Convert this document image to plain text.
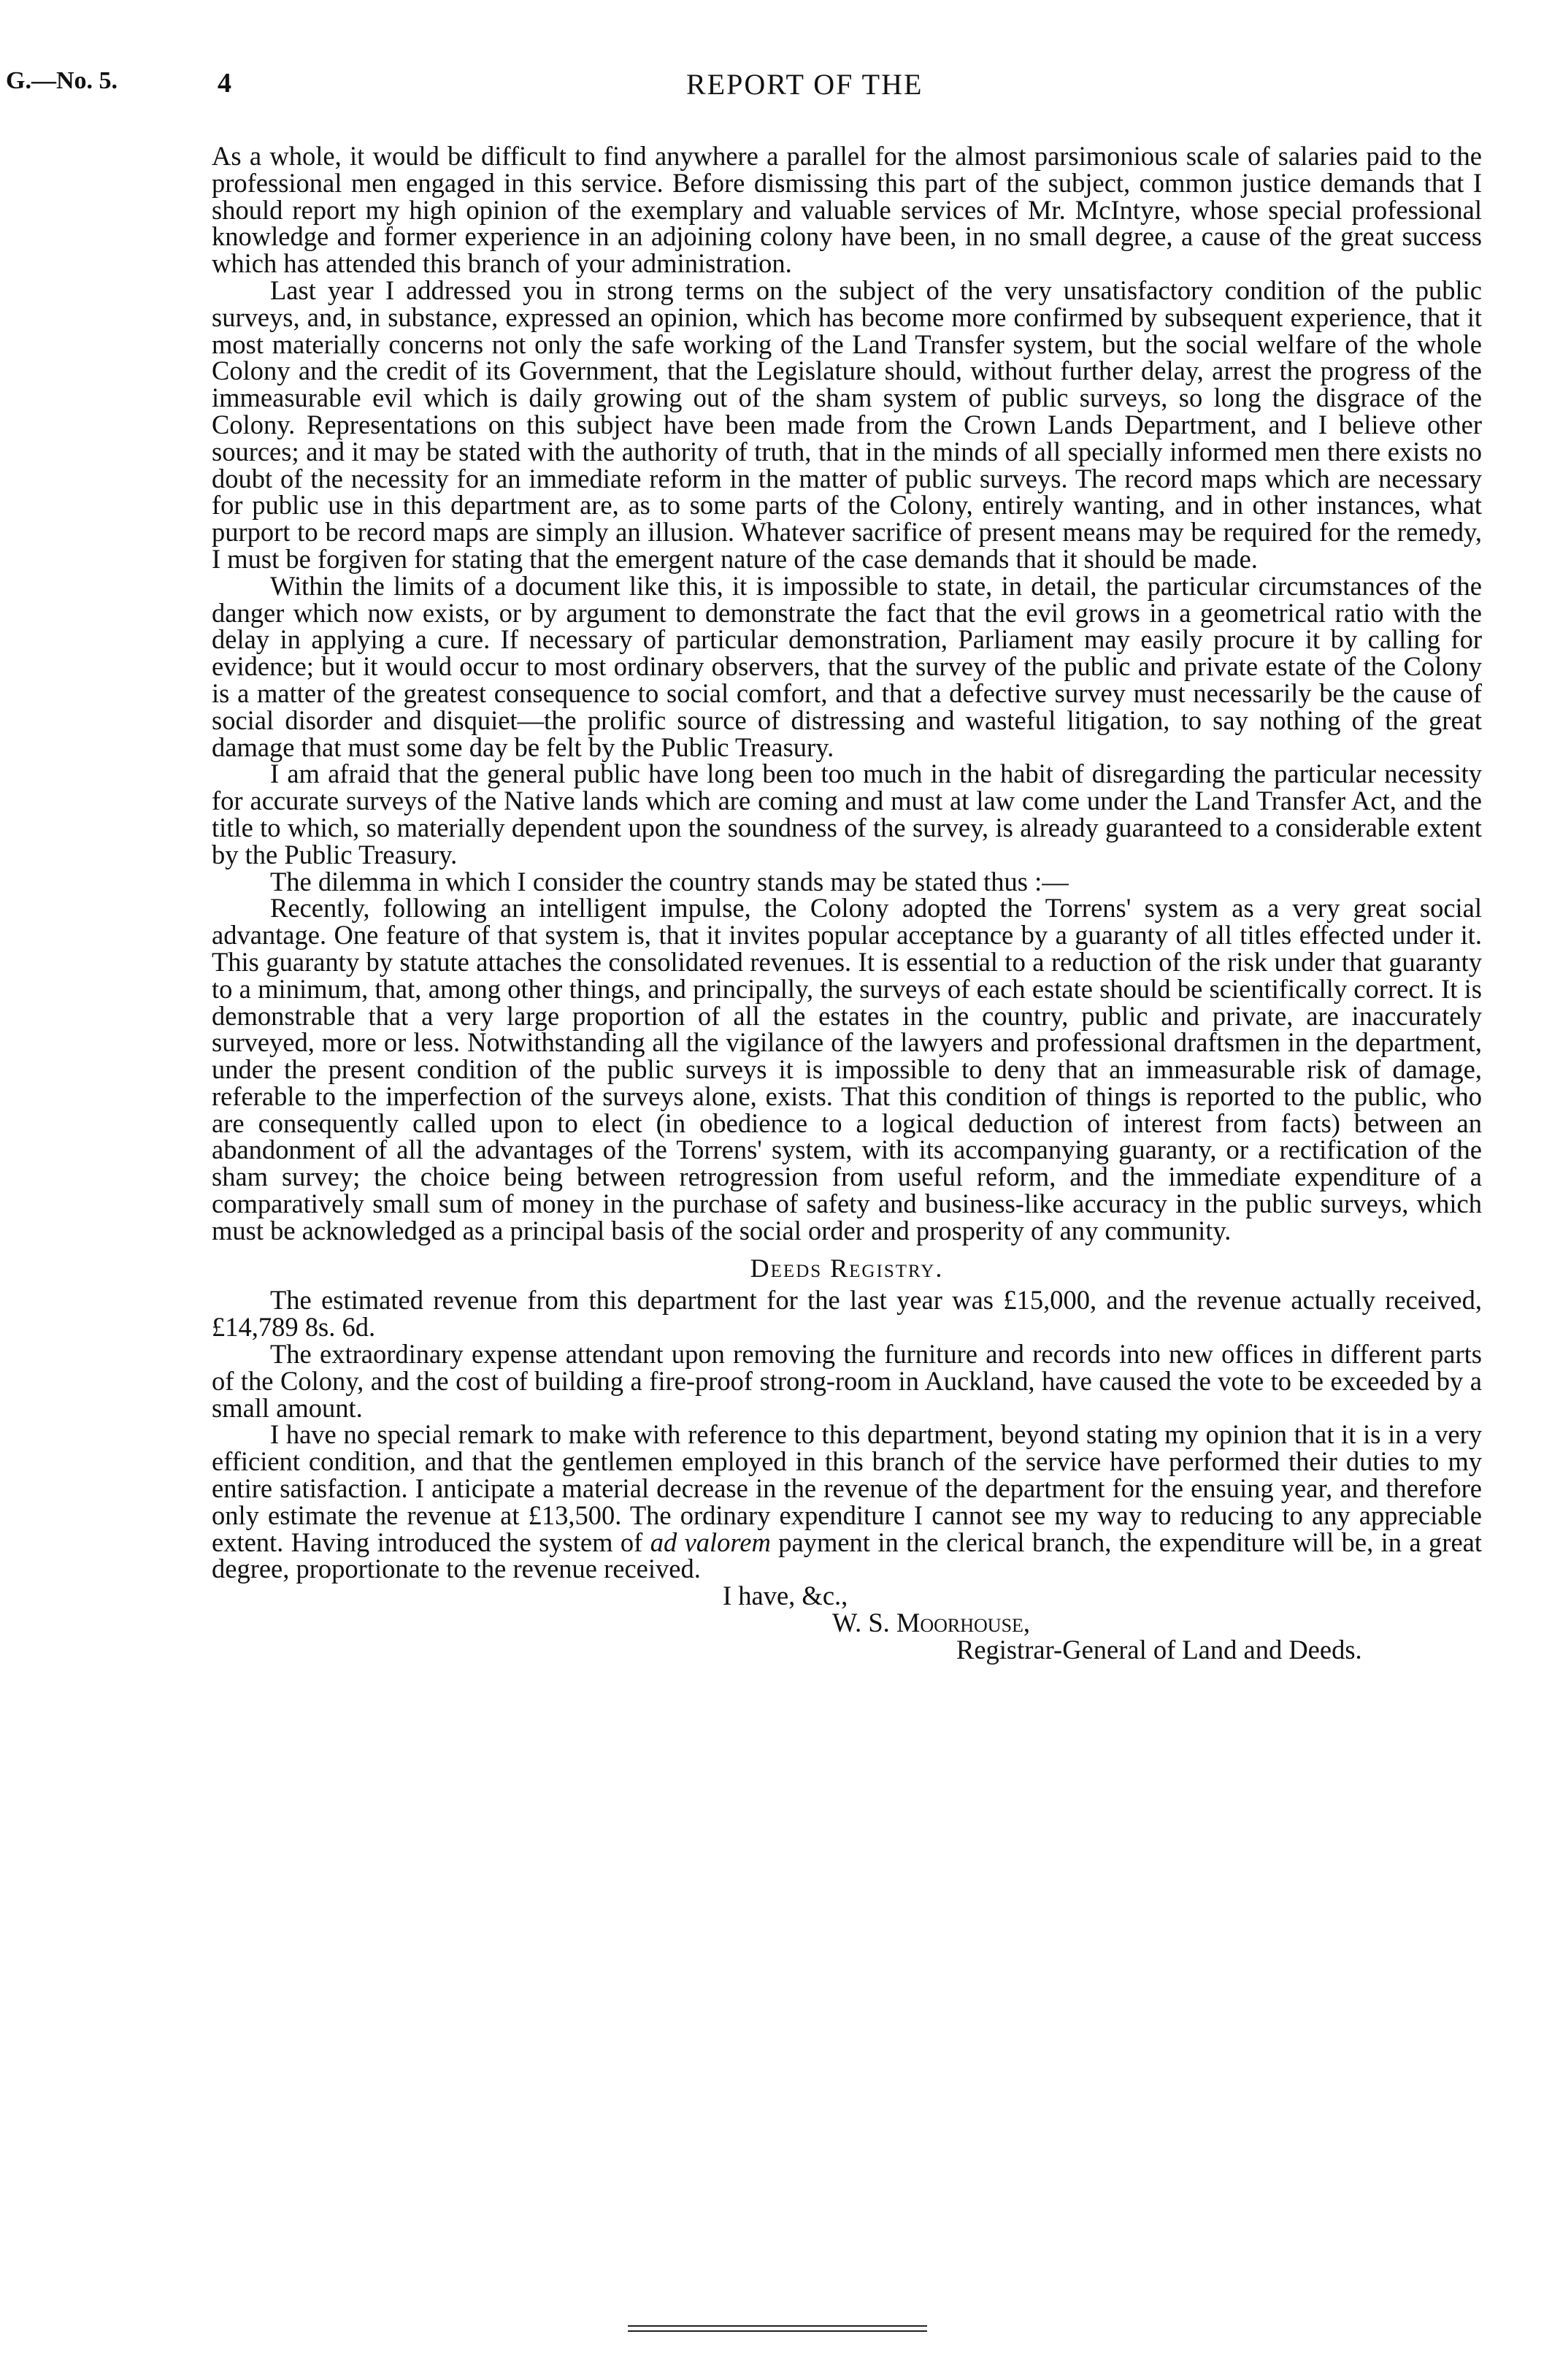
G.—No. 5.	4	REPORT OF THE

As a whole, it would be difficult to find anywhere a parallel for the almost parsimonious scale of salaries paid to the professional men engaged in this service. Before dismissing this part of the subject, common justice demands that I should report my high opinion of the exemplary and valuable services of Mr. McIntyre, whose special professional knowledge and former experience in an adjoining colony have been, in no small degree, a cause of the great success which has attended this branch of your administration.

Last year I addressed you in strong terms on the subject of the very unsatisfactory condition of the public surveys, and, in substance, expressed an opinion, which has become more confirmed by subsequent experience, that it most materially concerns not only the safe working of the Land Transfer system, but the social welfare of the whole Colony and the credit of its Government, that the Legislature should, without further delay, arrest the progress of the immeasurable evil which is daily growing out of the sham system of public surveys, so long the disgrace of the Colony. Representations on this subject have been made from the Crown Lands Department, and I believe other sources; and it may be stated with the authority of truth, that in the minds of all specially informed men there exists no doubt of the necessity for an immediate reform in the matter of public surveys. The record maps which are necessary for public use in this department are, as to some parts of the Colony, entirely wanting, and in other instances, what purport to be record maps are simply an illusion. Whatever sacrifice of present means may be required for the remedy, I must be forgiven for stating that the emergent nature of the case demands that it should be made.

Within the limits of a document like this, it is impossible to state, in detail, the particular circumstances of the danger which now exists, or by argument to demonstrate the fact that the evil grows in a geometrical ratio with the delay in applying a cure. If necessary of particular demonstration, Parliament may easily procure it by calling for evidence; but it would occur to most ordinary observers, that the survey of the public and private estate of the Colony is a matter of the greatest consequence to social comfort, and that a defective survey must necessarily be the cause of social disorder and disquiet—the prolific source of distressing and wasteful litigation, to say nothing of the great damage that must some day be felt by the Public Treasury.

I am afraid that the general public have long been too much in the habit of disregarding the particular necessity for accurate surveys of the Native lands which are coming and must at law come under the Land Transfer Act, and the title to which, so materially dependent upon the soundness of the survey, is already guaranteed to a considerable extent by the Public Treasury.

The dilemma in which I consider the country stands may be stated thus :—

Recently, following an intelligent impulse, the Colony adopted the Torrens' system as a very great social advantage. One feature of that system is, that it invites popular acceptance by a guaranty of all titles effected under it. This guaranty by statute attaches the consolidated revenues. It is essential to a reduction of the risk under that guaranty to a minimum, that, among other things, and principally, the surveys of each estate should be scientifically correct. It is demonstrable that a very large proportion of all the estates in the country, public and private, are inaccurately surveyed, more or less. Notwithstanding all the vigilance of the lawyers and professional draftsmen in the department, under the present condition of the public surveys it is impossible to deny that an immeasurable risk of damage, referable to the imperfection of the surveys alone, exists. That this condition of things is reported to the public, who are consequently called upon to elect (in obedience to a logical deduction of interest from facts) between an abandonment of all the advantages of the Torrens' system, with its accompanying guaranty, or a rectification of the sham survey; the choice being between retrogression from useful reform, and the immediate expenditure of a comparatively small sum of money in the purchase of safety and business-like accuracy in the public surveys, which must be acknowledged as a principal basis of the social order and prosperity of any community.

Deeds Registry.

The estimated revenue from this department for the last year was £15,000, and the revenue actually received, £14,789 8s. 6d.

The extraordinary expense attendant upon removing the furniture and records into new offices in different parts of the Colony, and the cost of building a fire-proof strong-room in Auckland, have caused the vote to be exceeded by a small amount.

I have no special remark to make with reference to this department, beyond stating my opinion that it is in a very efficient condition, and that the gentlemen employed in this branch of the service have performed their duties to my entire satisfaction. I anticipate a material decrease in the revenue of the department for the ensuing year, and therefore only estimate the revenue at £13,500. The ordinary expenditure I cannot see my way to reducing to any appreciable extent. Having introduced the system of ad valorem payment in the clerical branch, the expenditure will be, in a great degree, proportionate to the revenue received.

I have, &c.,

W. S. Moorhouse,

Registrar-General of Land and Deeds.
